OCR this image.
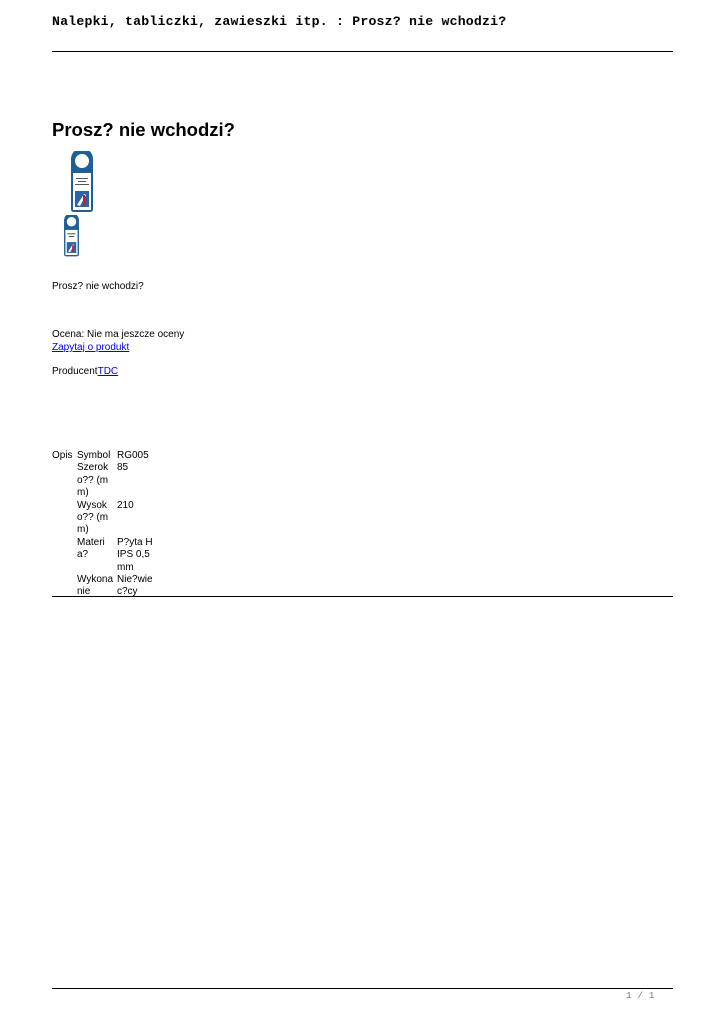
Nalepki, tabliczki, zawieszki itp. : Prosz? nie wchodzi?
Prosz? nie wchodzi?
Prosz? nie wchodzi?
Ocena: Nie ma jeszcze oceny
Zapytaj o produkt
ProducentTDC
Opis Symbol RG005
Szeroko?? (mm)
85
Wysoko?? (mm)
210
Materia?
P?yta HIPS 0,5mm
Wykonanie
Nie?wiec?cy
1 / 1
